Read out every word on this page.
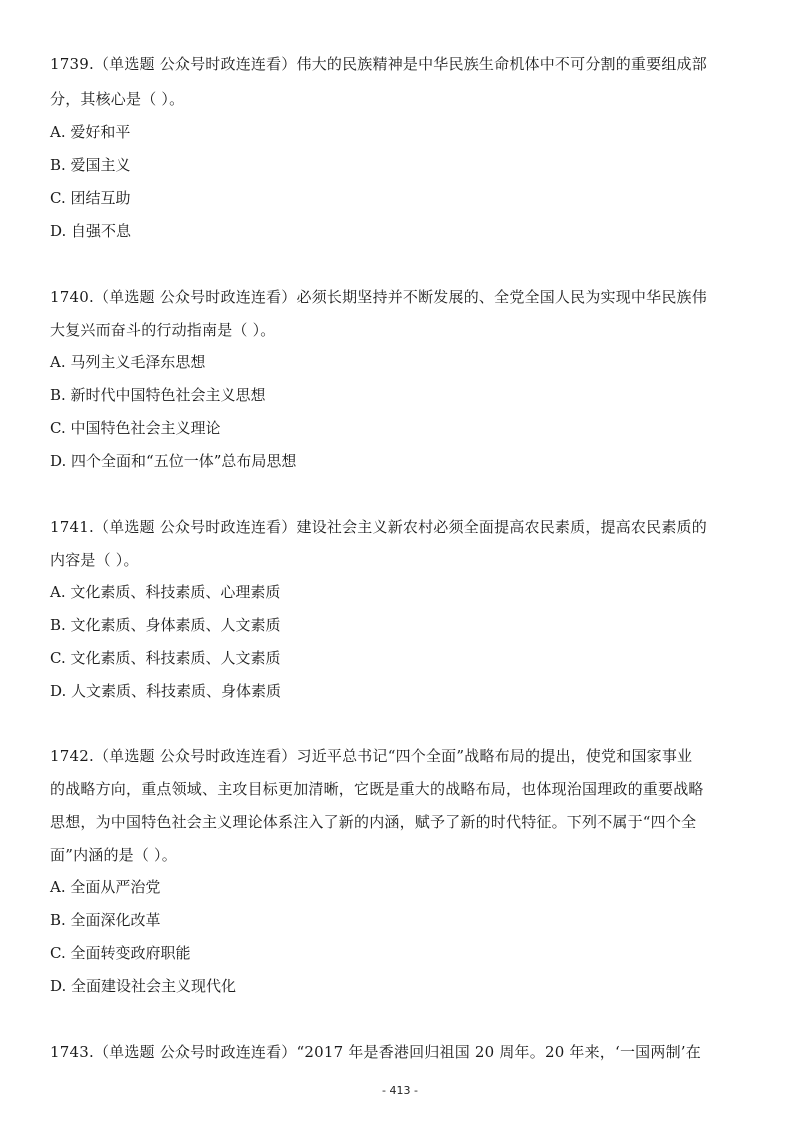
1739.（单选题 公众号时政连连看）伟大的民族精神是中华民族生命机体中不可分割的重要组成部
分，其核心是（ ）。
A. 爱好和平
B. 爱国主义
C. 团结互助
D. 自强不息
1740.（单选题 公众号时政连连看）必须长期坚持并不断发展的、全党全国人民为实现中华民族伟
大复兴而奋斗的行动指南是（ ）。
A. 马列主义毛泽东思想
B. 新时代中国特色社会主义思想
C. 中国特色社会主义理论
D. 四个全面和“五位一体”总布局思想
1741.（单选题 公众号时政连连看）建设社会主义新农村必须全面提高农民素质，提高农民素质的
内容是（ ）。
A. 文化素质、科技素质、心理素质
B. 文化素质、身体素质、人文素质
C. 文化素质、科技素质、人文素质
D. 人文素质、科技素质、身体素质
1742.（单选题 公众号时政连连看）习近平总书记“四个全面”战略布局的提出，使党和国家事业
的战略方向，重点领域、主攻目标更加清晰，它既是重大的战略布局，也体现治国理政的重要战略
思想，为中国特色社会主义理论体系注入了新的内涵，赋予了新的时代特征。下列不属于“四个全
面”内涵的是（ ）。
A. 全面从严治党
B. 全面深化改革
C. 全面转变政府职能
D. 全面建设社会主义现代化
1743.（单选题 公众号时政连连看）“2017 年是香港回归祖国 20 周年。20 年来，‘一国两制’在
- 413 -
